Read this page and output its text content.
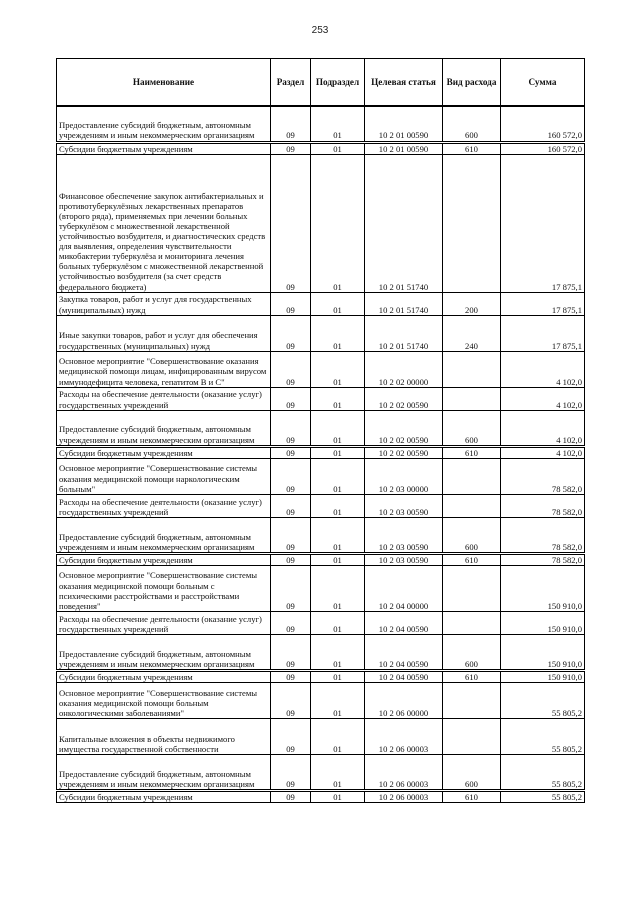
253
Наименование	Раздел	Подраздел	Целевая статья	Вид расхода	Сумма
Предоставление субсидий бюджетным, автономным учреждениям и иным некоммерческим организациям	09	01	10 2 01 00590	600	160 572,0
Субсидии бюджетным учреждениям	09	01	10 2 01 00590	610	160 572,0
Финансовое обеспечение закупок антибактериальных и противотуберкулёзных лекарственных препаратов (второго ряда), применяемых при лечении больных туберкулёзом с множественной лекарственной устойчивостью возбудителя, и диагностических средств для выявления, определения чувствительности микобактерии туберкулёза и мониторинга лечения больных туберкулёзом с множественной лекарственной устойчивостью возбудителя (за счет средств федерального бюджета)	09	01	10 2 01 51740		17 875,1
Закупка товаров, работ и услуг для государственных (муниципальных) нужд	09	01	10 2 01 51740	200	17 875,1
Иные закупки товаров, работ и услуг для обеспечения государственных (муниципальных) нужд	09	01	10 2 01 51740	240	17 875,1
Основное мероприятие "Совершенствование оказания медицинской помощи лицам, инфицированным вирусом иммунодефицита человека, гепатитом B и C"	09	01	10 2 02 00000		4 102,0
Расходы на обеспечение деятельности (оказание услуг) государственных учреждений	09	01	10 2 02 00590		4 102,0
Предоставление субсидий бюджетным, автономным учреждениям и иным некоммерческим организациям	09	01	10 2 02 00590	600	4 102,0
Субсидии бюджетным учреждениям	09	01	10 2 02 00590	610	4 102,0
Основное мероприятие "Совершенствование системы оказания медицинской помощи наркологическим больным"	09	01	10 2 03 00000		78 582,0
Расходы на обеспечение деятельности (оказание услуг) государственных учреждений	09	01	10 2 03 00590		78 582,0
Предоставление субсидий бюджетным, автономным учреждениям и иным некоммерческим организациям	09	01	10 2 03 00590	600	78 582,0
Субсидии бюджетным учреждениям	09	01	10 2 03 00590	610	78 582,0
Основное мероприятие "Совершенствование системы оказания медицинской помощи больным с психическими расстройствами и расстройствами поведения"	09	01	10 2 04 00000		150 910,0
Расходы на обеспечение деятельности (оказание услуг) государственных учреждений	09	01	10 2 04 00590		150 910,0
Предоставление субсидий бюджетным, автономным учреждениям и иным некоммерческим организациям	09	01	10 2 04 00590	600	150 910,0
Субсидии бюджетным учреждениям	09	01	10 2 04 00590	610	150 910,0
Основное мероприятие "Совершенствование системы оказания медицинской помощи больным онкологическими заболеваниями"	09	01	10 2 06 00000		55 805,2
Капитальные вложения в объекты недвижимого имущества государственной собственности	09	01	10 2 06 00003		55 805,2
Предоставление субсидий бюджетным, автономным учреждениям и иным некоммерческим организациям	09	01	10 2 06 00003	600	55 805,2
Субсидии бюджетным учреждениям	09	01	10 2 06 00003	610	55 805,2
